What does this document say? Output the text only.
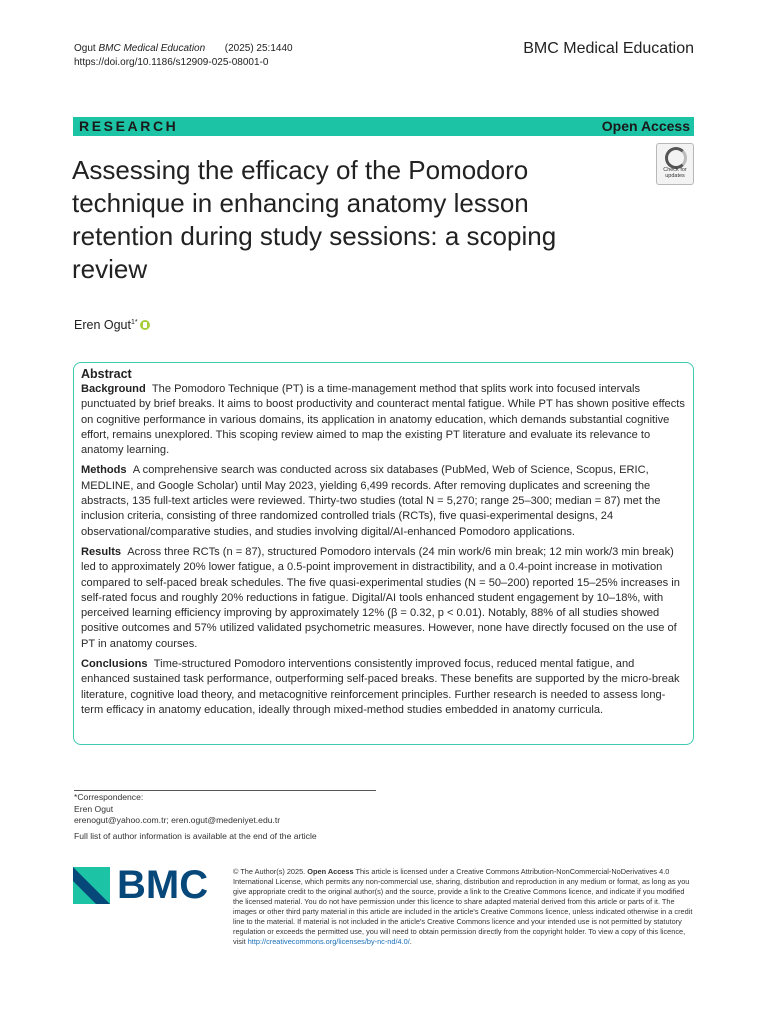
Ogut BMC Medical Education (2025) 25:1440
https://doi.org/10.1186/s12909-025-08001-0
BMC Medical Education
RESEARCH	Open Access
Check for updates
Assessing the efficacy of the Pomodoro technique in enhancing anatomy lesson retention during study sessions: a scoping review
Eren Ogut$^{1*}$
Abstract

Background The Pomodoro Technique (PT) is a time-management method that splits work into focused intervals punctuated by brief breaks. It aims to boost productivity and counteract mental fatigue. While PT has shown positive effects on cognitive performance in various domains, its application in anatomy education, which demands substantial cognitive effort, remains unexplored. This scoping review aimed to map the existing PT literature and evaluate its relevance to anatomy learning.

Methods A comprehensive search was conducted across six databases (PubMed, Web of Science, Scopus, ERIC, MEDLINE, and Google Scholar) until May 2023, yielding 6,499 records. After removing duplicates and screening the abstracts, 135 full-text articles were reviewed. Thirty-two studies (total N = 5,270; range 25–300; median = 87) met the inclusion criteria, consisting of three randomized controlled trials (RCTs), five quasi-experimental designs, 24 observational/comparative studies, and studies involving digital/AI-enhanced Pomodoro applications.

Results Across three RCTs (n = 87), structured Pomodoro intervals (24 min work/6 min break; 12 min work/3 min break) led to approximately 20% lower fatigue, a 0.5-point improvement in distractibility, and a 0.4-point increase in motivation compared to self-paced break schedules. The five quasi-experimental studies (N = 50–200) reported 15–25% increases in self-rated focus and roughly 20% reductions in fatigue. Digital/AI tools enhanced student engagement by 10–18%, with perceived learning efficiency improving by approximately 12% (β = 0.32, p < 0.01). Notably, 88% of all studies showed positive outcomes and 57% utilized validated psychometric measures. However, none have directly focused on the use of PT in anatomy courses.

Conclusions Time-structured Pomodoro interventions consistently improved focus, reduced mental fatigue, and enhanced sustained task performance, outperforming self-paced breaks. These benefits are supported by the micro-break literature, cognitive load theory, and metacognitive reinforcement principles. Further research is needed to assess long-term efficacy in anatomy education, ideally through mixed-method studies embedded in anatomy curricula.

*Correspondence:
Eren Ogut
erenogut@yahoo.com.tr; eren.ogut@medeniyet.edu.tr
Full list of author information is available at the end of the article
BMC	© The Author(s) 2025. Open Access This article is licensed under a Creative Commons Attribution-NonCommercial-NoDerivatives 4.0 International License, which permits any non-commercial use, sharing, distribution and reproduction in any medium or format, as long as you give appropriate credit to the original author(s) and the source, provide a link to the Creative Commons licence, and indicate if you modified the licensed material. You do not have permission under this licence to share adapted material derived from this article or parts of it. The images or other third party material in this article are included in the article's Creative Commons licence, unless indicated otherwise in a credit line to the material. If material is not included in the article's Creative Commons licence and your intended use is not permitted by statutory regulation or exceeds the permitted use, you will need to obtain permission directly from the copyright holder. To view a copy of this licence, visit http://creativecommons.org/licenses/by-nc-nd/4.0/.
